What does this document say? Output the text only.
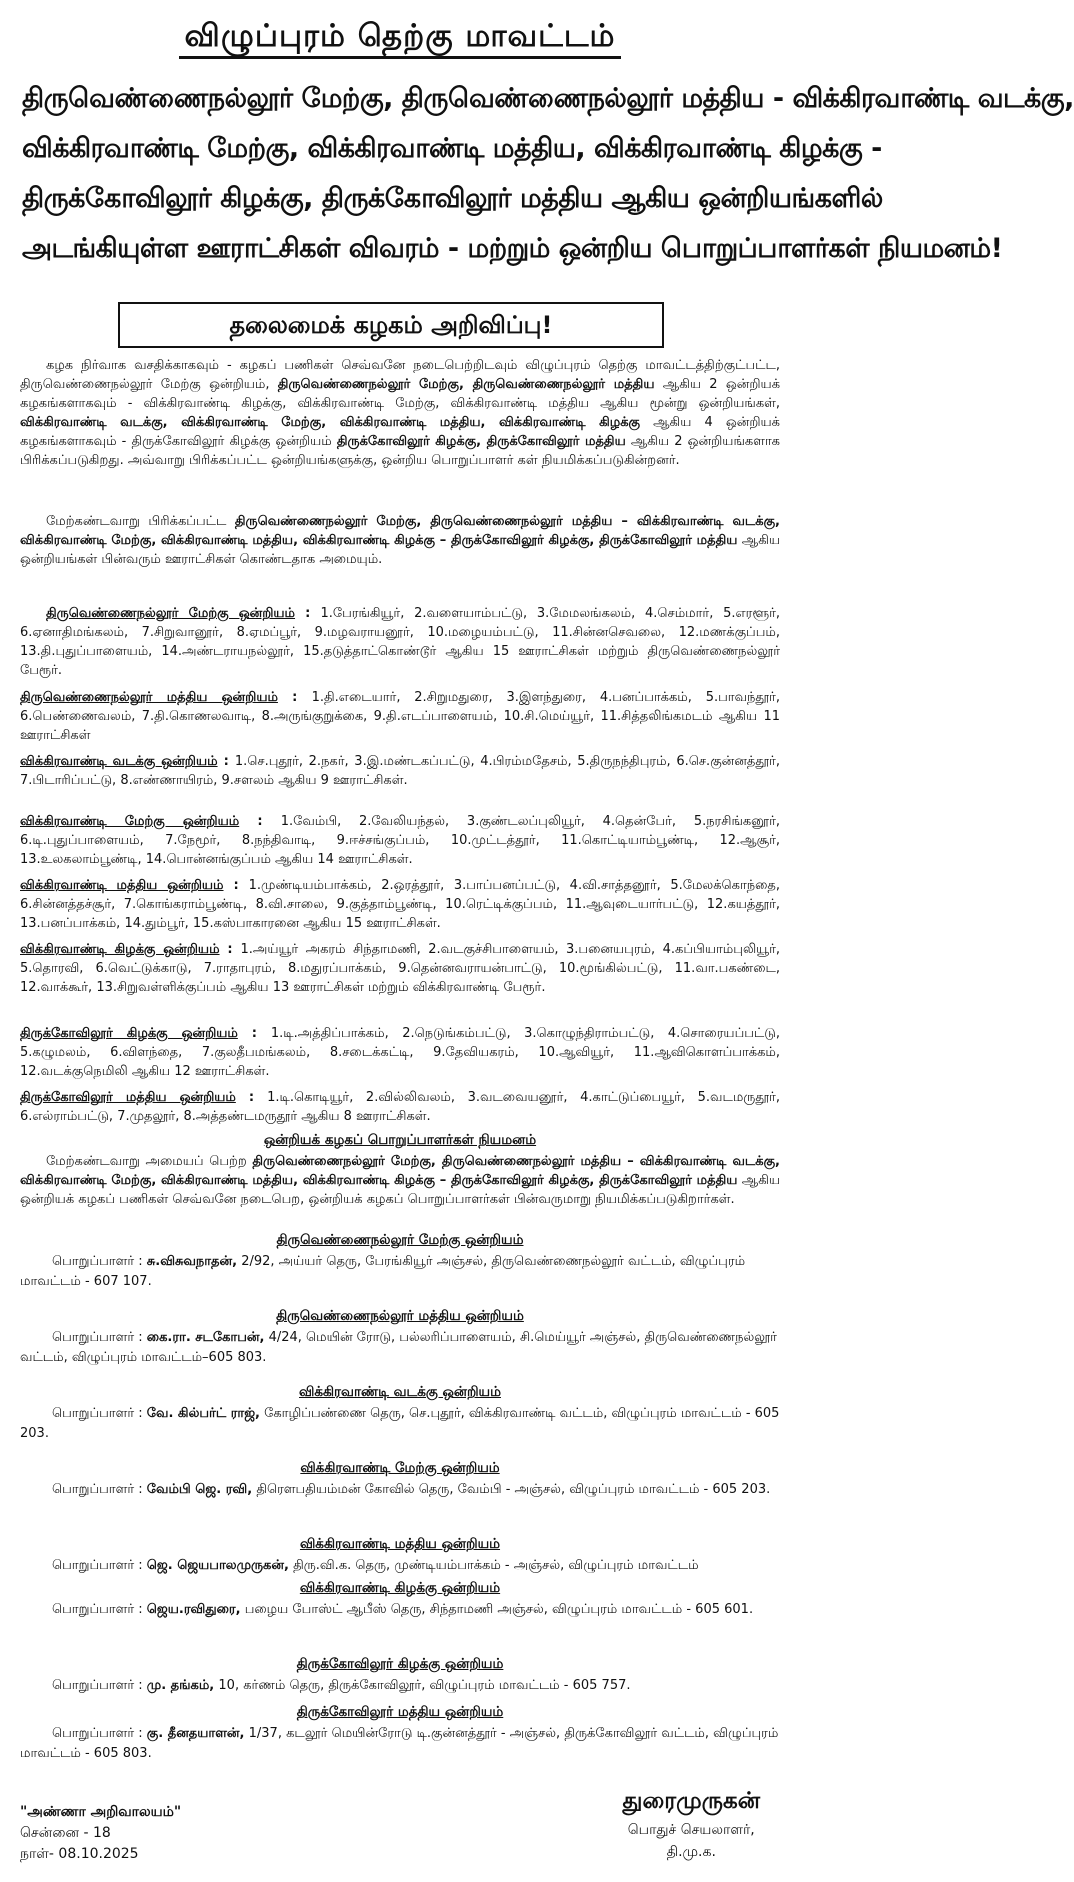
விழுப்புரம் தெற்கு மாவட்டம்
திருவெண்ணைநல்லூர் மேற்கு, திருவெண்ணைநல்லூர் மத்திய - விக்கிரவாண்டி வடக்கு,
விக்கிரவாண்டி மேற்கு, விக்கிரவாண்டி மத்திய, விக்கிரவாண்டி கிழக்கு -
திருக்கோவிலூர் கிழக்கு, திருக்கோவிலூர் மத்திய ஆகிய ஒன்றியங்களில்
அடங்கியுள்ள ஊராட்சிகள் விவரம் - மற்றும் ஒன்றிய பொறுப்பாளர்கள் நியமனம்!
தலைமைக் கழகம் அறிவிப்பு!
கழக நிர்வாக வசதிக்காகவும் - கழகப் பணிகள் செவ்வனே நடைபெற்றிடவும் விழுப்புரம் தெற்கு மாவட்டத்திற்குட்பட்ட, திருவெண்ணைநல்லூர் மேற்கு ஒன்றியம், திருவெண்ணைநல்லூர் மேற்கு, திருவெண்ணைநல்லூர் மத்திய ஆகிய 2 ஒன்றியக் கழகங்களாகவும் - விக்கிரவாண்டி கிழக்கு, விக்கிரவாண்டி மேற்கு, விக்கிரவாண்டி மத்திய ஆகிய மூன்று ஒன்றியங்கள், விக்கிரவாண்டி வடக்கு, விக்கிரவாண்டி மேற்கு, விக்கிரவாண்டி மத்திய, விக்கிரவாண்டி கிழக்கு ஆகிய 4 ஒன்றியக் கழகங்களாகவும் - திருக்கோவிலூர் கிழக்கு ஒன்றியம் திருக்கோவிலூர் கிழக்கு, திருக்கோவிலூர் மத்திய ஆகிய 2 ஒன்றியங்களாக பிரிக்கப்படுகிறது. அவ்வாறு பிரிக்கப்பட்ட ஒன்றியங்களுக்கு, ஒன்றிய பொறுப்பாளர் கள் நியமிக்கப்படுகின்றனர்.
மேற்கண்டவாறு பிரிக்கப்பட்ட திருவெண்ணைநல்லூர் மேற்கு, திருவெண்ணைநல்லூர் மத்திய – விக்கிரவாண்டி வடக்கு, விக்கிரவாண்டி மேற்கு, விக்கிரவாண்டி மத்திய, விக்கிரவாண்டி கிழக்கு – திருக்கோவிலூர் கிழக்கு, திருக்கோவிலூர் மத்திய ஆகிய ஒன்றியங்கள் பின்வரும் ஊராட்சிகள் கொண்டதாக அமையும்.
திருவெண்ணைநல்லூர் மேற்கு ஒன்றியம் : 1.பேரங்கியூர், 2.வளையாம்பட்டு, 3.மேமலங்கலம், 4.செம்மார், 5.எரளூர், 6.ஏனாதிமங்கலம், 7.சிறுவானூர், 8.ஏமப்பூர், 9.மழவராயனூர், 10.மழையம்பட்டு, 11.சின்னசெவலை, 12.மணக்குப்பம், 13.தி.புதுப்பாளையம், 14.அண்டராயநல்லூர், 15.தடுத்தாட்கொண்டூர் ஆகிய 15 ஊராட்சிகள் மற்றும் திருவெண்ணைநல்லூர் பேரூர்.
திருவெண்ணைநல்லூர் மத்திய ஒன்றியம் : 1.தி.எடையார், 2.சிறுமதுரை, 3.இளந்துரை, 4.பனப்பாக்கம், 5.பாவந்தூர், 6.பெண்ணைவலம், 7.தி.கொணலவாடி, 8.அருங்குறுக்கை, 9.தி.எடப்பாளையம், 10.சி.மெய்யூர், 11.சித்தலிங்கமடம் ஆகிய 11 ஊராட்சிகள்
விக்கிரவாண்டி வடக்கு ஒன்றியம் : 1.செ.புதூர், 2.நகர், 3.இ.மண்டகப்பட்டு, 4.பிரம்மதேசம், 5.திருநந்திபுரம், 6.செ.குன்னத்தூர், 7.பிடாரிப்பட்டு, 8.எண்ணாயிரம், 9.சளலம் ஆகிய 9 ஊராட்சிகள்.
விக்கிரவாண்டி மேற்கு ஒன்றியம் : 1.வேம்பி, 2.வேலியந்தல், 3.குண்டலப்புலியூர், 4.தென்பேர், 5.நரசிங்கனூர், 6.டி.புதுப்பாளையம், 7.நேமூர், 8.நந்திவாடி, 9.ஈச்சங்குப்பம், 10.முட்டத்தூர், 11.கொட்டியாம்பூண்டி, 12.ஆசூர், 13.உலகலாம்பூண்டி, 14.பொன்னங்குப்பம் ஆகிய 14 ஊராட்சிகள்.
விக்கிரவாண்டி மத்திய ஒன்றியம் : 1.முண்டியம்பாக்கம், 2.ஒரத்தூர், 3.பாப்பனப்பட்டு, 4.வி.சாத்தனூர், 5.மேலக்கொந்தை, 6.சின்னத்தச்சூர், 7.கொங்கராம்பூண்டி, 8.வி.சாலை, 9.குத்தாம்பூண்டி, 10.ரெட்டிக்குப்பம், 11.ஆவுடையார்பட்டு, 12.கயத்தூர், 13.பனப்பாக்கம், 14.தும்பூர், 15.கஸ்பாகாரனை ஆகிய 15 ஊராட்சிகள்.
விக்கிரவாண்டி கிழக்கு ஒன்றியம் : 1.அய்யூர் அகரம் சிந்தாமணி, 2.வடகுச்சிபாளையம், 3.பனையபுரம், 4.கப்பியாம்புலியூர், 5.தொரவி, 6.வெட்டுக்காடு, 7.ராதாபுரம், 8.மதுரப்பாக்கம், 9.தென்னவராயன்பாட்டு, 10.மூங்கில்பட்டு, 11.வா.பகண்டை, 12.வாக்கூர், 13.சிறுவள்ளிக்குப்பம் ஆகிய 13 ஊராட்சிகள் மற்றும் விக்கிரவாண்டி பேரூர்.
திருக்கோவிலூர் கிழக்கு ஒன்றியம் : 1.டி.அத்திப்பாக்கம், 2.நெடுங்கம்பட்டு, 3.கொழுந்திராம்பட்டு, 4.சொரையப்பட்டு, 5.கழுமலம், 6.விளந்தை, 7.குலதீபமங்கலம், 8.சடைக்கட்டி, 9.தேவியகரம், 10.ஆவியூர், 11.ஆவிகொளப்பாக்கம், 12.வடக்குநெமிலி ஆகிய 12 ஊராட்சிகள்.
திருக்கோவிலூர் மத்திய ஒன்றியம் : 1.டி.கொடியூர், 2.வில்லிவலம், 3.வடவையனூர், 4.காட்டுப்பையூர், 5.வடமருதூர், 6.எல்ராம்பட்டு, 7.முதலூர், 8.அத்தண்டமருதூர் ஆகிய 8 ஊராட்சிகள்.
ஒன்றியக் கழகப் பொறுப்பாளர்கள் நியமனம்
மேற்கண்டவாறு அமையப் பெற்ற திருவெண்ணைநல்லூர் மேற்கு, திருவெண்ணைநல்லூர் மத்திய – விக்கிரவாண்டி வடக்கு, விக்கிரவாண்டி மேற்கு, விக்கிரவாண்டி மத்திய, விக்கிரவாண்டி கிழக்கு – திருக்கோவிலூர் கிழக்கு, திருக்கோவிலூர் மத்திய ஆகிய ஒன்றியக் கழகப் பணிகள் செவ்வனே நடைபெற, ஒன்றியக் கழகப் பொறுப்பாளர்கள் பின்வருமாறு நியமிக்கப்படுகிறார்கள்.
திருவெண்ணைநல்லூர் மேற்கு ஒன்றியம்
பொறுப்பாளர் : சு.விசுவநாதன், 2/92, அய்யர் தெரு, பேரங்கியூர் அஞ்சல், திருவெண்ணைநல்லூர் வட்டம், விழுப்புரம் மாவட்டம் - 607 107.
திருவெண்ணைநல்லூர் மத்திய ஒன்றியம்
பொறுப்பாளர் : கை.ரா. சடகோபன், 4/24, மெயின் ரோடு, பல்லரிப்பாளையம், சி.மெய்யூர் அஞ்சல், திருவெண்ணைநல்லூர் வட்டம், விழுப்புரம் மாவட்டம்–605 803.
விக்கிரவாண்டி வடக்கு ஒன்றியம்
பொறுப்பாளர் : வே. கில்பர்ட் ராஜ், கோழிப்பண்ணை தெரு, செ.புதூர், விக்கிரவாண்டி வட்டம், விழுப்புரம் மாவட்டம் - 605 203.
விக்கிரவாண்டி மேற்கு ஒன்றியம்
பொறுப்பாளர் : வேம்பி ஜெ. ரவி, திரௌபதியம்மன் கோவில் தெரு, வேம்பி - அஞ்சல், விழுப்புரம் மாவட்டம் - 605 203.
விக்கிரவாண்டி மத்திய ஒன்றியம்
பொறுப்பாளர் : ஜெ. ஜெயபாலமுருகன், திரு.வி.க. தெரு, முண்டியம்பாக்கம் - அஞ்சல், விழுப்புரம் மாவட்டம்
விக்கிரவாண்டி கிழக்கு ஒன்றியம்
பொறுப்பாளர் : ஜெய.ரவிதுரை, பழைய போஸ்ட் ஆபீஸ் தெரு, சிந்தாமணி அஞ்சல், விழுப்புரம் மாவட்டம் - 605 601.
திருக்கோவிலூர் கிழக்கு ஒன்றியம்
பொறுப்பாளர் : மு. தங்கம், 10, கர்ணம் தெரு, திருக்கோவிலூர், விழுப்புரம் மாவட்டம் - 605 757.
திருக்கோவிலூர் மத்திய ஒன்றியம்
பொறுப்பாளர் : கு. தீனதயாளன், 1/37, கடலூர் மெயின்ரோடு டி.குன்னத்தூர் - அஞ்சல், திருக்கோவிலூர் வட்டம், விழுப்புரம் மாவட்டம் - 605 803.
"அண்ணா அறிவாலயம்"
சென்னை - 18
நாள்- 08.10.2025
துரைமுருகன்
பொதுச் செயலாளர்,
தி.மு.க.
